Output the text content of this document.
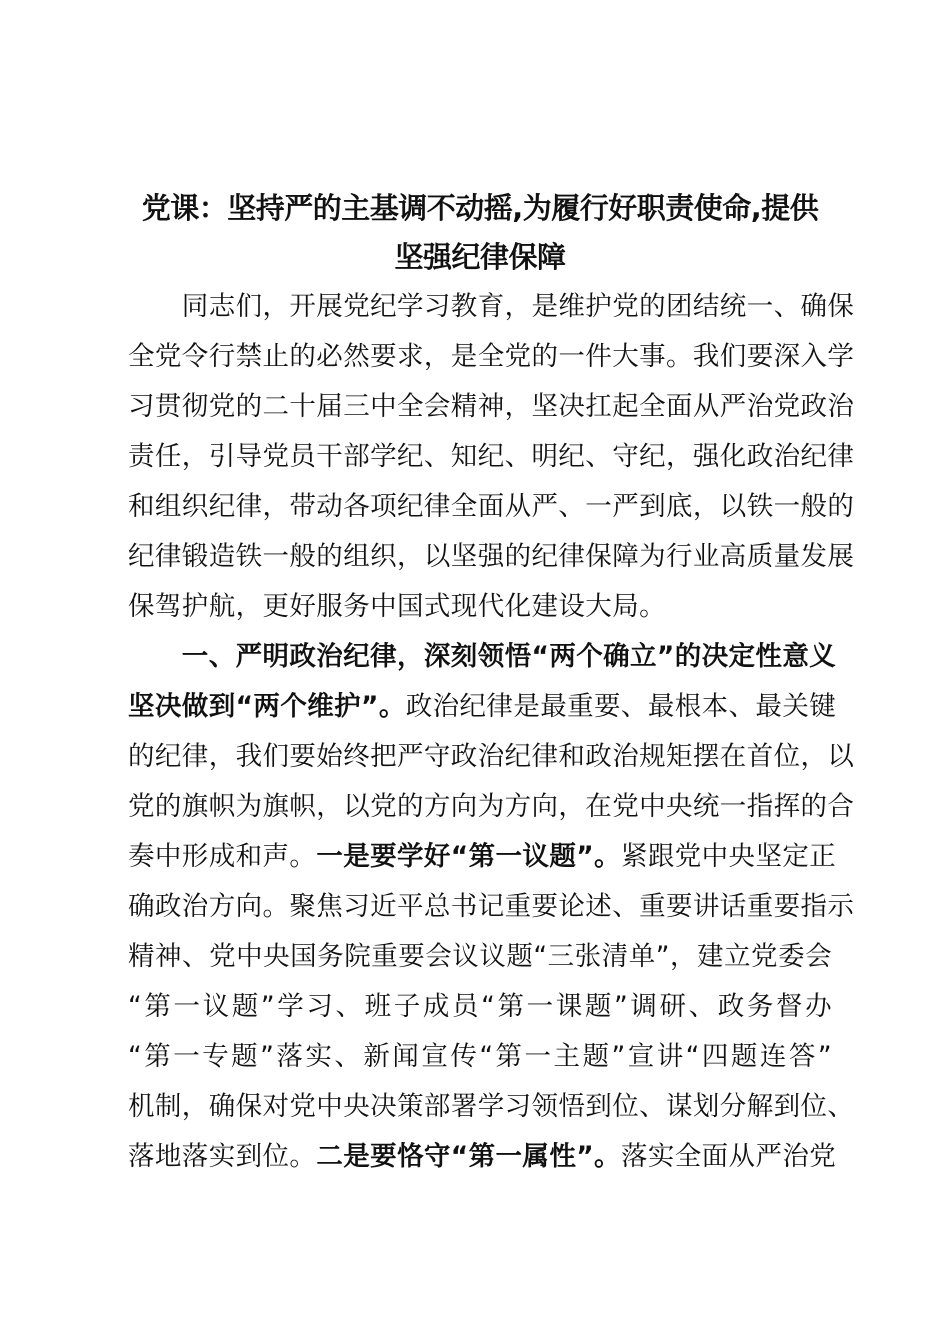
党课：坚持严的主基调不动摇,为履行好职责使命,提供
坚强纪律保障
　　同志们，开展党纪学习教育，是维护党的团结统一、确保
全党令行禁止的必然要求，是全党的一件大事。我们要深入学
习贯彻党的二十届三中全会精神，坚决扛起全面从严治党政治
责任，引导党员干部学纪、知纪、明纪、守纪，强化政治纪律
和组织纪律，带动各项纪律全面从严、一严到底，以铁一般的
纪律锻造铁一般的组织，以坚强的纪律保障为行业高质量发展
保驾护航，更好服务中国式现代化建设大局。
　　一、严明政治纪律，深刻领悟“两个确立”的决定性意义
坚决做到“两个维护”。政治纪律是最重要、最根本、最关键
的纪律，我们要始终把严守政治纪律和政治规矩摆在首位，以
党的旗帜为旗帜，以党的方向为方向，在党中央统一指挥的合
奏中形成和声。一是要学好“第一议题”。紧跟党中央坚定正
确政治方向。聚焦习近平总书记重要论述、重要讲话重要指示
精神、党中央国务院重要会议议题“三张清单”，建立党委会
“第一议题”学习、班子成员“第一课题”调研、政务督办
“第一专题”落实、新闻宣传“第一主题”宣讲“四题连答”
机制，确保对党中央决策部署学习领悟到位、谋划分解到位、
落地落实到位。二是要恪守“第一属性”。落实全面从严治党
